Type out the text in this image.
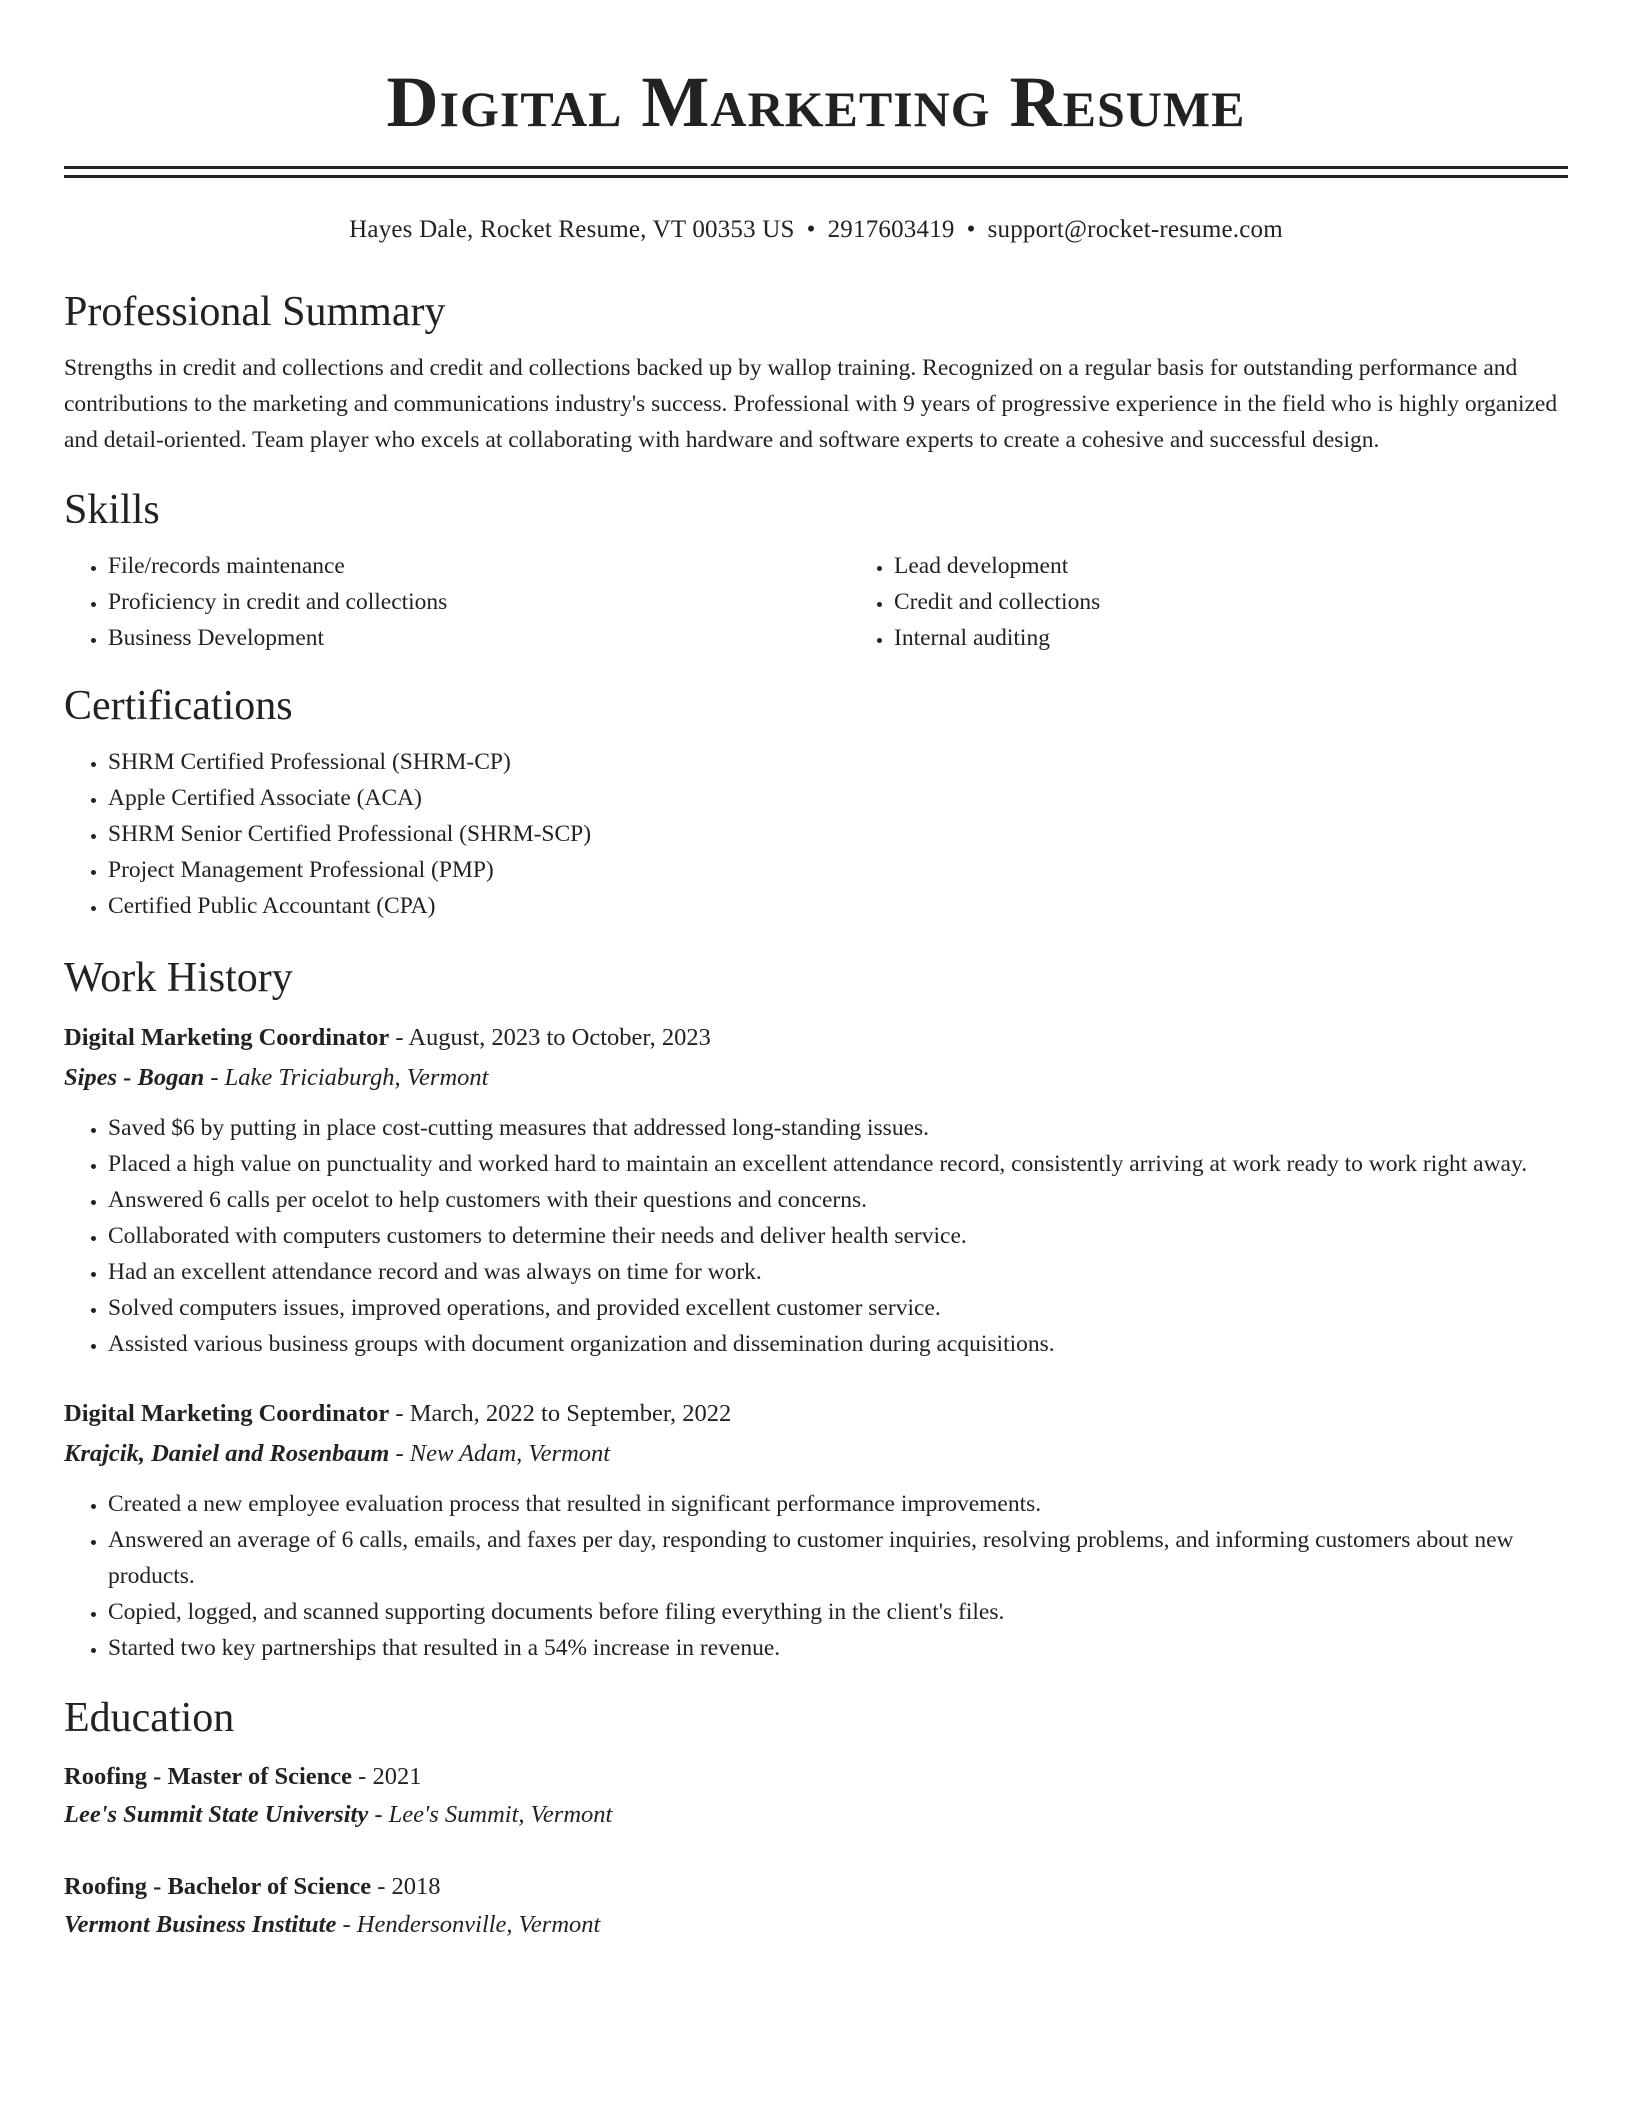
Digital Marketing Resume
Hayes Dale, Rocket Resume, VT 00353 US • 2917603419 • support@rocket-resume.com
Professional Summary

Strengths in credit and collections and credit and collections backed up by wallop training. Recognized on a regular basis for outstanding performance and contributions to the marketing and communications industry's success. Professional with 9 years of progressive experience in the field who is highly organized and detail-oriented. Team player who excels at collaborating with hardware and software experts to create a cohesive and successful design.

Skills
• File/records maintenance
• Proficiency in credit and collections
• Business Development
• Lead development
• Credit and collections
• Internal auditing
Certifications
• SHRM Certified Professional (SHRM-CP)
• Apple Certified Associate (ACA)
• SHRM Senior Certified Professional (SHRM-SCP)
• Project Management Professional (PMP)
• Certified Public Accountant (CPA)
Work History
Digital Marketing Coordinator - August, 2023 to October, 2023
Sipes - Bogan - Lake Triciaburgh, Vermont
• Saved $6 by putting in place cost-cutting measures that addressed long-standing issues.
• Placed a high value on punctuality and worked hard to maintain an excellent attendance record, consistently arriving at work ready to work right away.
• Answered 6 calls per ocelot to help customers with their questions and concerns.
• Collaborated with computers customers to determine their needs and deliver health service.
• Had an excellent attendance record and was always on time for work.
• Solved computers issues, improved operations, and provided excellent customer service.
• Assisted various business groups with document organization and dissemination during acquisitions.
Digital Marketing Coordinator - March, 2022 to September, 2022
Krajcik, Daniel and Rosenbaum - New Adam, Vermont
• Created a new employee evaluation process that resulted in significant performance improvements.
• Answered an average of 6 calls, emails, and faxes per day, responding to customer inquiries, resolving problems, and informing customers about new products.
• Copied, logged, and scanned supporting documents before filing everything in the client's files.
• Started two key partnerships that resulted in a 54% increase in revenue.
Education
Roofing - Master of Science - 2021
Lee's Summit State University - Lee's Summit, Vermont
Roofing - Bachelor of Science - 2018
Vermont Business Institute - Hendersonville, Vermont
